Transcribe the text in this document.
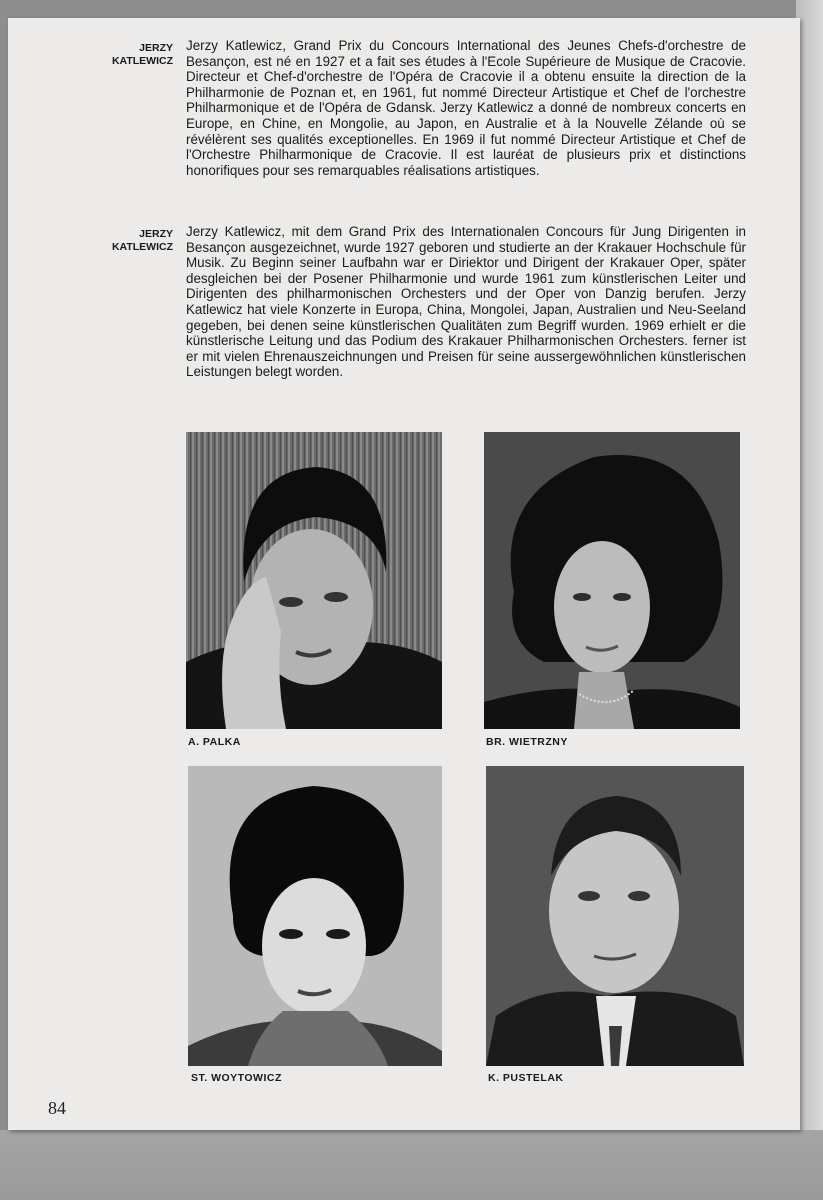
JERZY
KATLEWICZ

Jerzy Katlewicz, Grand Prix du Concours International des Jeunes Chefs-d'orchestre de Besançon, est né en 1927 et a fait ses études à l'Ecole Supérieure de Musique de Cracovie. Directeur et Chef-d'orchestre de l'Opéra de Cracovie il a obtenu ensuite la direction de la Philharmonie de Poznan et, en 1961, fut nommé Directeur Artistique et Chef de l'orchestre Philharmonique et de l'Opéra de Gdansk. Jerzy Katlewicz a donné de nombreux concerts en Europe, en Chine, en Mongolie, au Japon, en Australie et à la Nouvelle Zélande où se révélèrent ses qualités exceptionelles. En 1969 il fut nommé Directeur Artistique et Chef de l'Orchestre Philharmonique de Cracovie. Il est lauréat de plusieurs prix et distinctions honorifiques pour ses remarquables réalisations artistiques.

JERZY
KATLEWICZ

Jerzy Katlewicz, mit dem Grand Prix des Internationalen Concours für Jung Dirigenten in Besançon ausgezeichnet, wurde 1927 geboren und studierte an der Krakauer Hochschule für Musik. Zu Beginn seiner Laufbahn war er Diriektor und Dirigent der Krakauer Oper, später desgleichen bei der Posener Philharmonie und wurde 1961 zum künstlerischen Leiter und Dirigenten des philharmonischen Orchesters und der Oper von Danzig berufen. Jerzy Katlewicz hat viele Konzerte in Europa, China, Mongolei, Japan, Australien und Neu-Seeland gegeben, bei denen seine künstlerischen Qualitäten zum Begriff wurden. 1969 erhielt er die künstlerische Leitung und das Podium des Krakauer Philharmonischen Orchesters. ferner ist er mit vielen Ehrenauszeichnungen und Preisen für seine aussergewöhnlichen künstlerischen Leistungen belegt worden.

A. PALKA	BR. WIETRZNY
ST. WOYTOWICZ	K. PUSTELAK
84
